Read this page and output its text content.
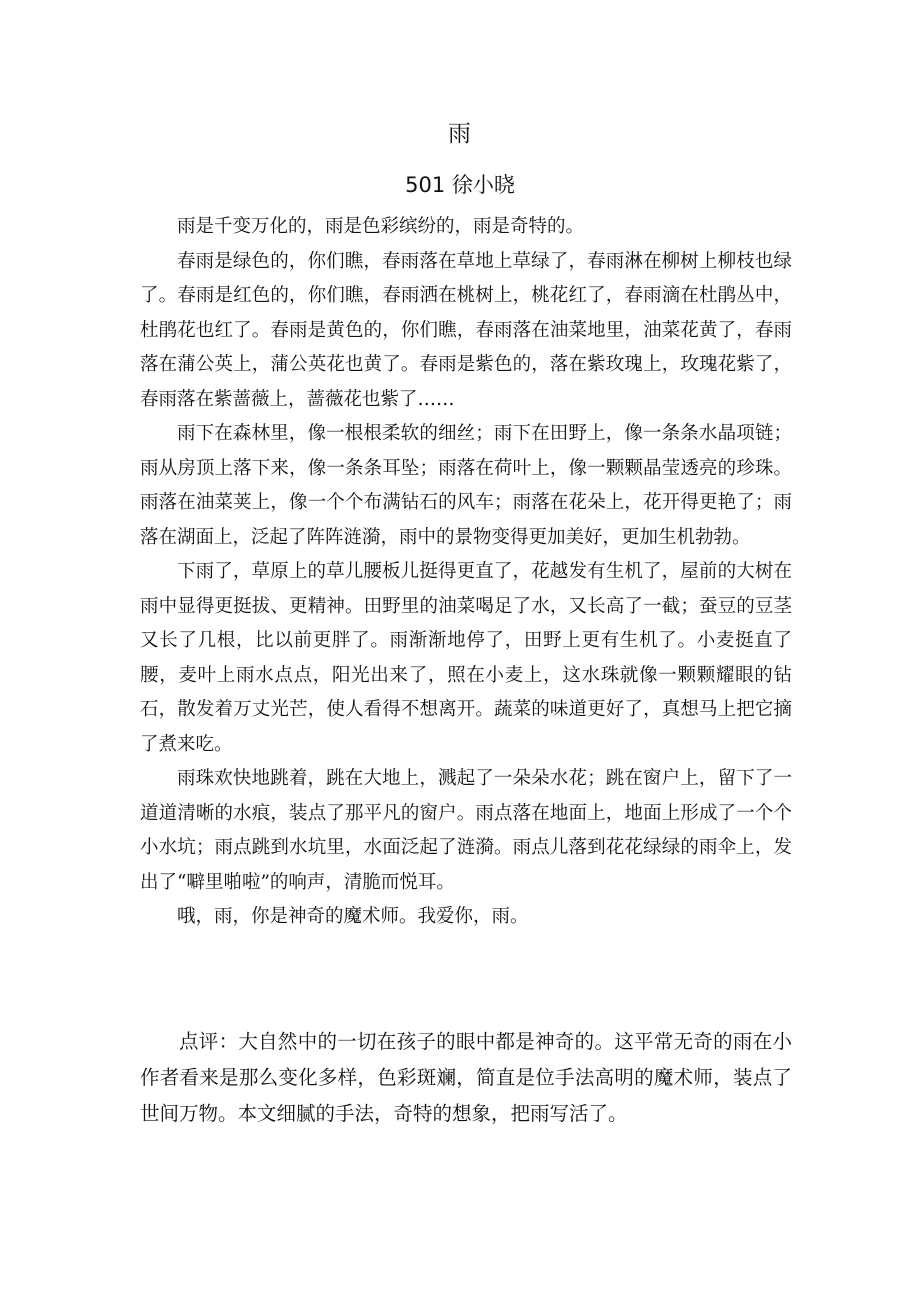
雨
501 徐小晓

雨是千变万化的，雨是色彩缤纷的，雨是奇特的。

春雨是绿色的，你们瞧，春雨落在草地上草绿了，春雨淋在柳树上柳枝也绿了。春雨是红色的，你们瞧，春雨洒在桃树上，桃花红了，春雨滴在杜鹃丛中，杜鹃花也红了。春雨是黄色的，你们瞧，春雨落在油菜地里，油菜花黄了，春雨落在蒲公英上，蒲公英花也黄了。春雨是紫色的，落在紫玫瑰上，玫瑰花紫了，春雨落在紫蔷薇上，蔷薇花也紫了……

雨下在森林里，像一根根柔软的细丝；雨下在田野上，像一条条水晶项链；雨从房顶上落下来，像一条条耳坠；雨落在荷叶上，像一颗颗晶莹透亮的珍珠。雨落在油菜荚上，像一个个布满钻石的风车；雨落在花朵上，花开得更艳了；雨落在湖面上，泛起了阵阵涟漪，雨中的景物变得更加美好，更加生机勃勃。

下雨了，草原上的草儿腰板儿挺得更直了，花越发有生机了，屋前的大树在雨中显得更挺拔、更精神。田野里的油菜喝足了水，又长高了一截；蚕豆的豆茎又长了几根，比以前更胖了。雨渐渐地停了，田野上更有生机了。小麦挺直了腰，麦叶上雨水点点，阳光出来了，照在小麦上，这水珠就像一颗颗耀眼的钻石，散发着万丈光芒，使人看得不想离开。蔬菜的味道更好了，真想马上把它摘了煮来吃。

雨珠欢快地跳着，跳在大地上，溅起了一朵朵水花；跳在窗户上，留下了一道道清晰的水痕，装点了那平凡的窗户。雨点落在地面上，地面上形成了一个个小水坑；雨点跳到水坑里，水面泛起了涟漪。雨点儿落到花花绿绿的雨伞上，发出了“噼里啪啦”的响声，清脆而悦耳。

哦，雨，你是神奇的魔术师。我爱你，雨。

点评：大自然中的一切在孩子的眼中都是神奇的。这平常无奇的雨在小作者看来是那么变化多样，色彩斑斓，简直是位手法高明的魔术师，装点了世间万物。本文细腻的手法，奇特的想象，把雨写活了。
